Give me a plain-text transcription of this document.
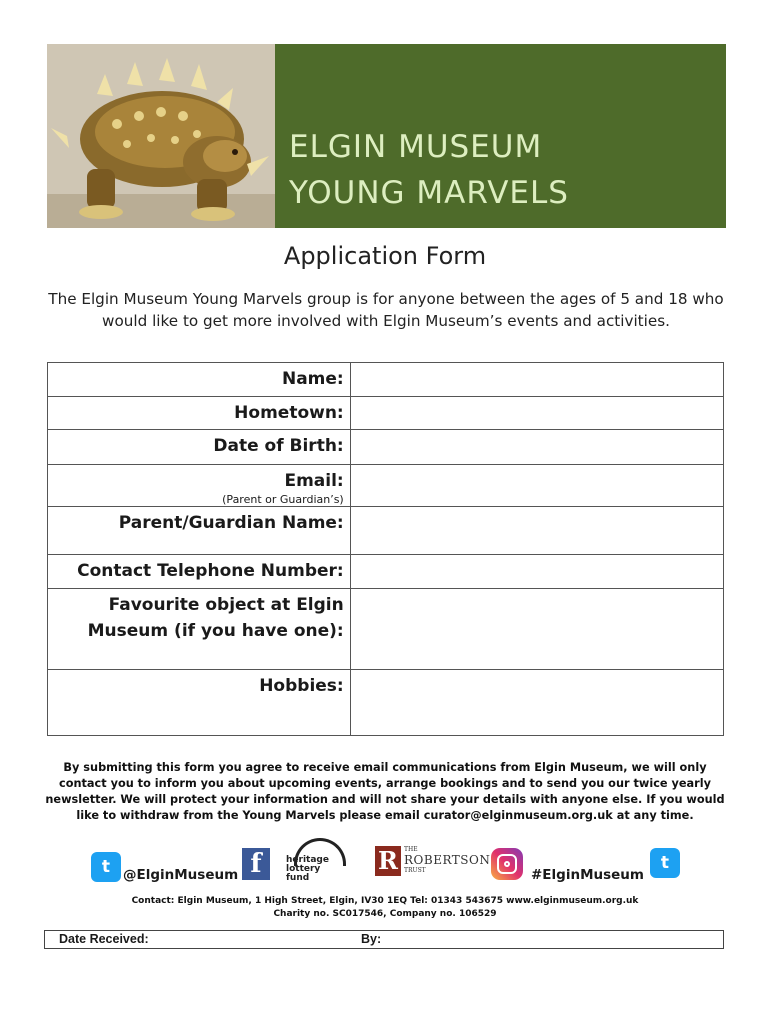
ELGIN MUSEUM
YOUNG MARVELS
Application Form
The Elgin Museum Young Marvels group is for anyone between the ages of 5 and 18 who would like to get more involved with Elgin Museum’s events and activities.
Name:	
Hometown:	
Date of Birth:	
Email:
(Parent or Guardian’s)	

Parent/Guardian Name:	
Contact Telephone Number:	
Favourite object at Elgin Museum (if you have one):	
Hobbies:	
By submitting this form you agree to receive email communications from Elgin Museum, we will only contact you to inform you about upcoming events, arrange bookings and to send you our twice yearly newsletter. We will protect your information and will not share your details with anyone else. If you would like to withdraw from the Young Marvels please email curator@elginmuseum.org.uk at any time.
t @ElginMuseum f	heritage lottery fund
R	THE
ROBERTSON
TRUST	#ElginMuseum
t
Contact: Elgin Museum, 1 High Street, Elgin, IV30 1EQ Tel: 01343 543675 www.elginmuseum.org.uk
Charity no. SC017546, Company no. 106529
Date Received:	By:
